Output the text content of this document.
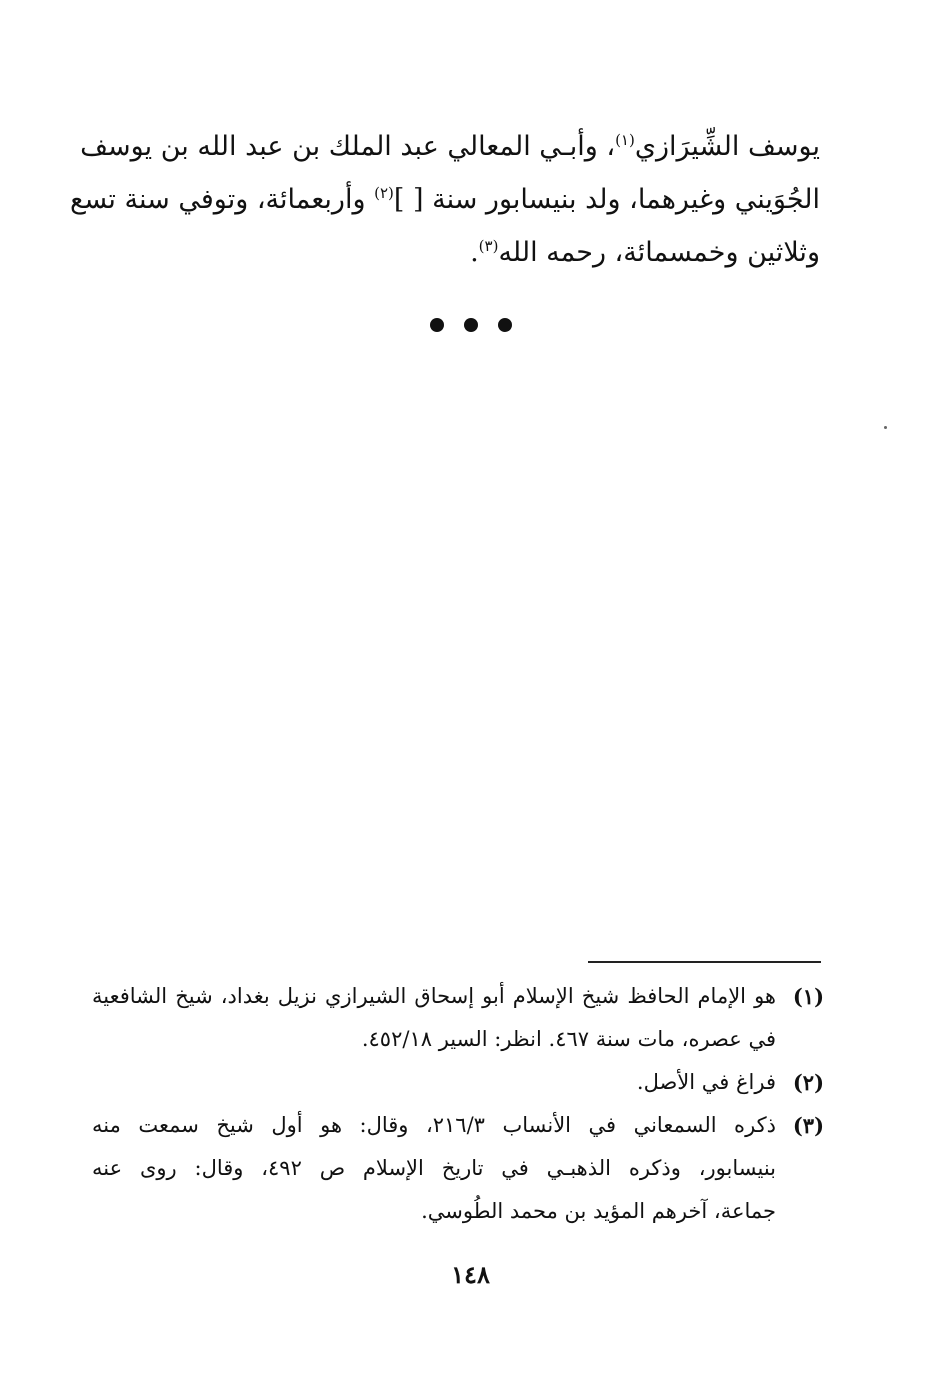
يوسف الشِّيرَازي$^{(١)}$، وأبـي المعالي عبد الملك بن عبد الله بن يوسف
الجُوَيني وغيرهما، ولد بنيسابور سنة [ ]$^{(٢)}$ وأربعمائة، وتوفي سنة تسع
وثلاثين وخمسمائة، رحمه الله$^{(٣)}$.

(١)
هو الإمام الحافظ شيخ الإسلام أبو إسحاق الشيرازي نزيل بغداد، شيخ الشافعية
في عصره، مات سنة ٤٦٧. انظر: السير ٤٥٢/١٨.
(٢)
فراغ في الأصل.
(٣)
ذكره السمعاني في الأنساب ٢١٦/٣، وقال: هو أول شيخ سمعت منه
بنيسابور، وذكره الذهبـي في تاريخ الإسلام ص ٤٩٢، وقال: روى عنه
جماعة، آخرهم المؤيد بن محمد الطُوسي.
١٤٨
